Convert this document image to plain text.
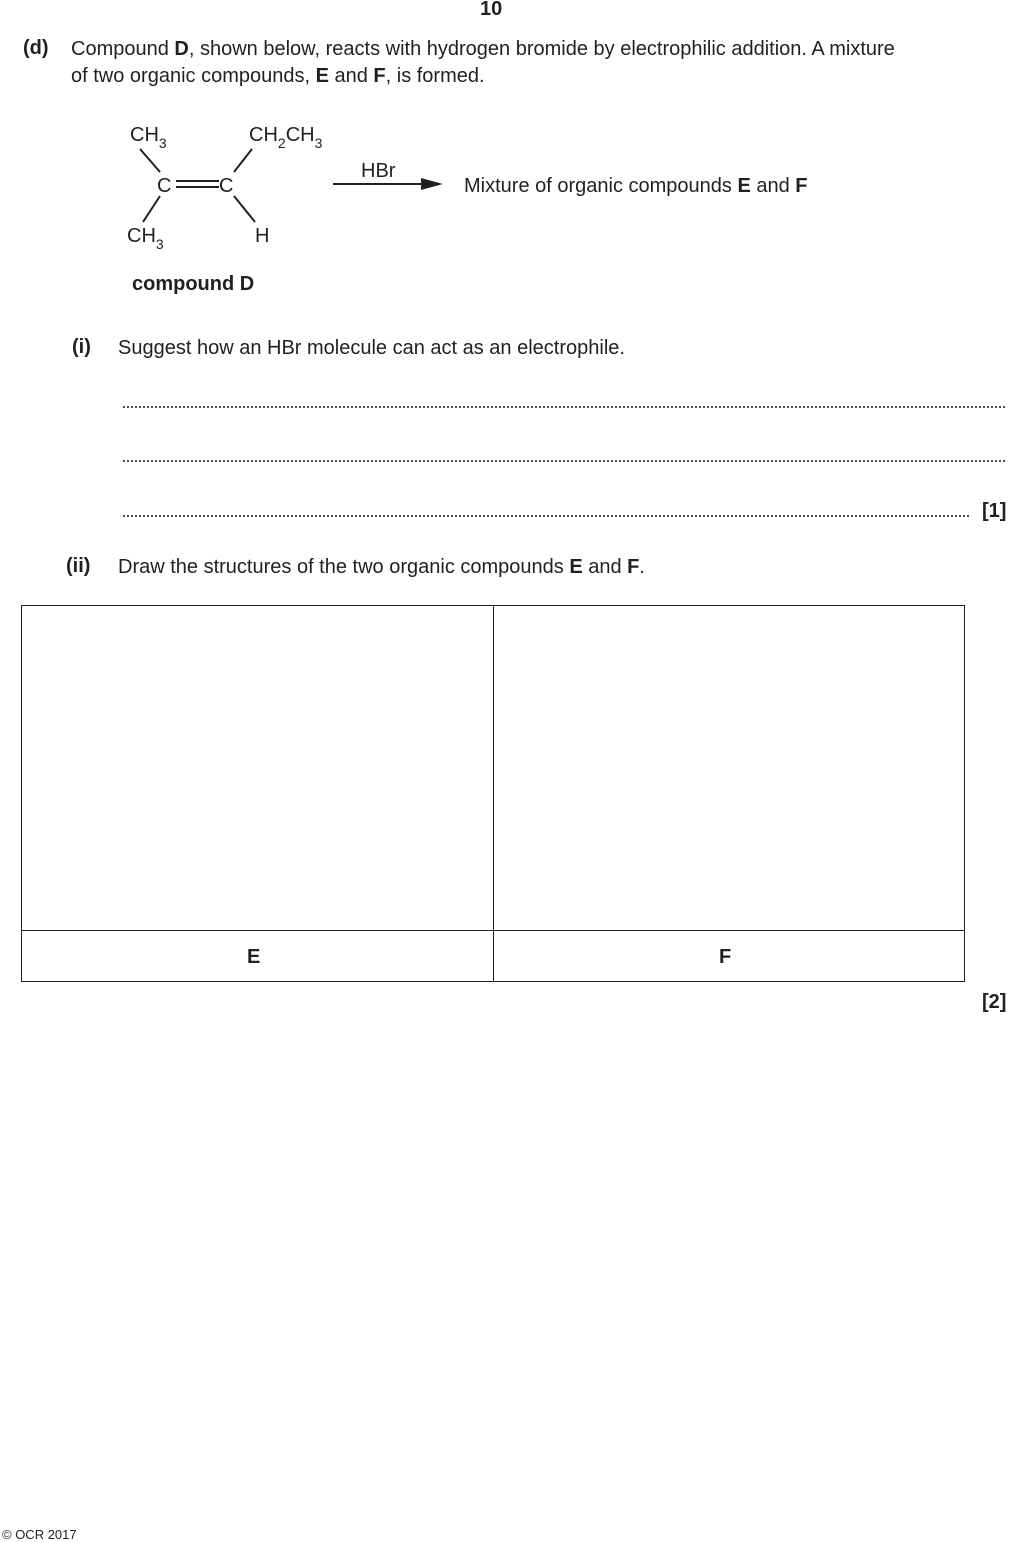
10
(d) Compound D, shown below, reacts with hydrogen bromide by electrophilic addition. A mixture
of two organic compounds, E and F, is formed.
$CH_3$	$CH_2CH_3$
C C
$CH_3$	H
HBr
Mixture of organic compounds E and F
compound D
(i) Suggest how an HBr molecule can act as an electrophile.
[1]
(ii) Draw the structures of the two organic compounds E and F.
E	F
[2]
© OCR 2017
